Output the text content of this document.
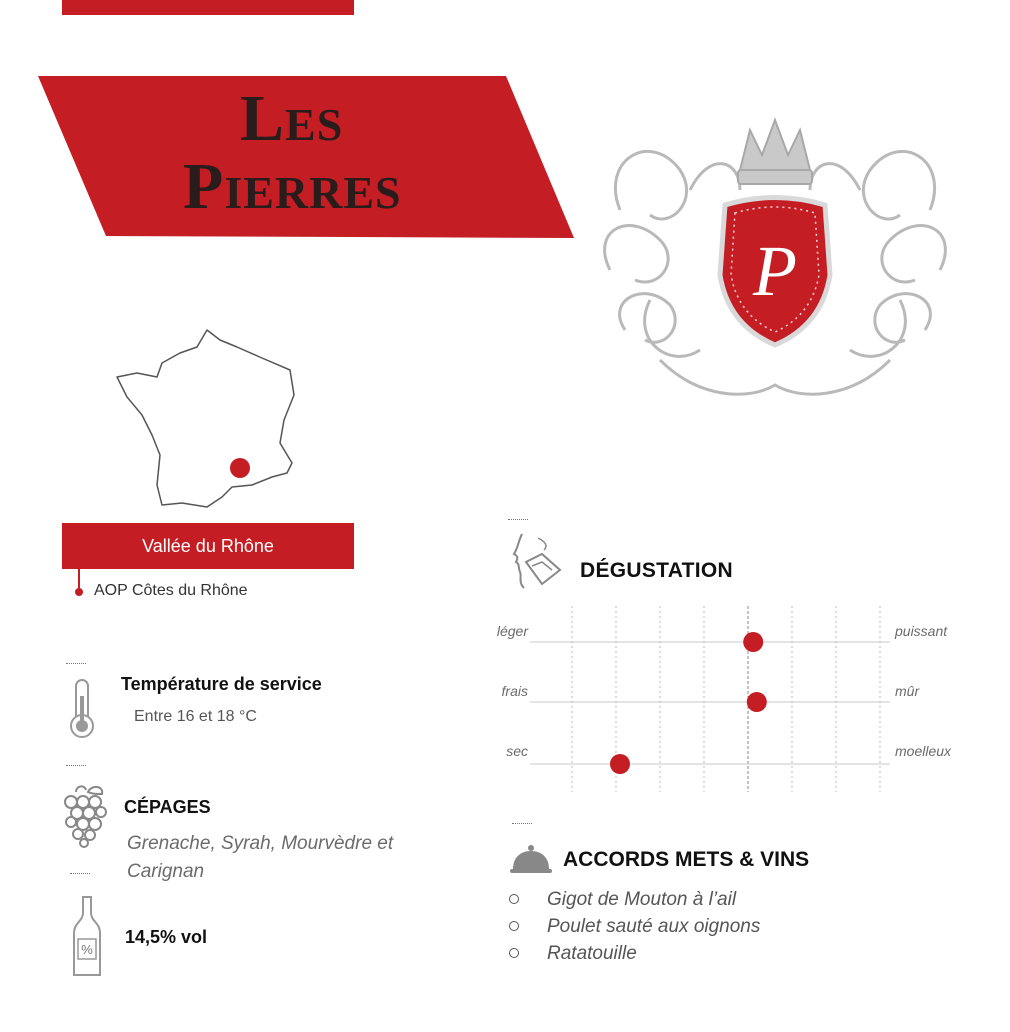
Les
Pierres
P
Vallée du Rhône
AOP Côtes du Rhône
Température de service
Entre 16 et 18 °C
CÉPAGES
Grenache, Syrah, Mourvèdre et Carignan
%
14,5% vol
DÉGUSTATION
léger
frais
sec
puissant
mûr
moelleux
ACCORDS METS & VINS
Gigot de Mouton à l’ail
Poulet sauté aux oignons
Ratatouille
